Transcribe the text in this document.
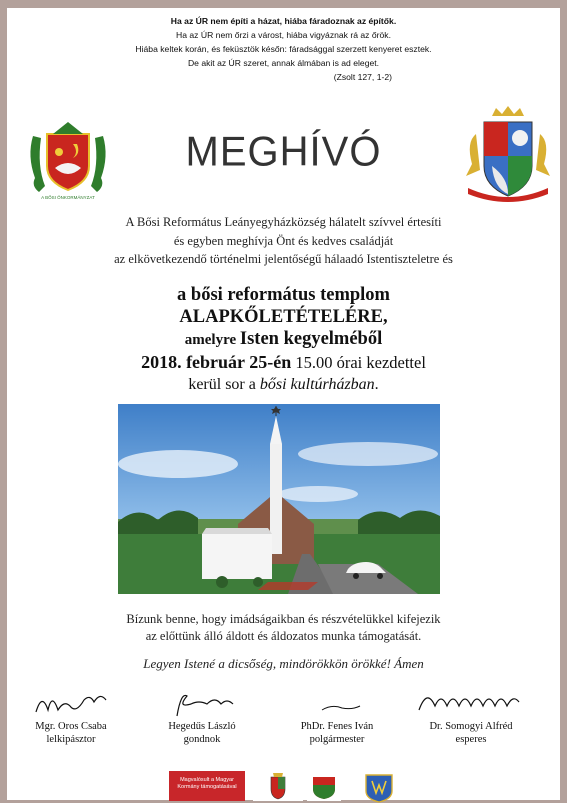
Ha az ÚR nem építi a házat, hiába fáradoznak az építők.
Ha az ÚR nem őrzi a várost, hiába vigyáznak rá az őrök.
Hiába keltek korán, és feküsztök későn: fáradsággal szerzett kenyeret esztek.
De akit az ÚR szeret, annak álmában is ad eleget.
(Zsolt 127, 1-2)
A BŐSI ÖNKORMÁNYZAT
MEGHÍVÓ
A Bősi Református Leányegyházközség hálatelt szívvel értesíti
és egyben meghívja Önt és kedves családját
az elkövetkezendő történelmi jelentőségű hálaadó Istentiszteletre és
a bősi református templom
ALAPKŐLETÉTELÉRE,
amelyre Isten kegyelméből
2018. február 25-én 15.00 órai kezdettel
kerül sor a bősi kultúrházban.
Bízunk benne, hogy imádságaikban és részvételükkel kifejezik
az előttünk álló áldott és áldozatos munka támogatását.
Legyen Istené a dicsőség, mindörökkön örökké! Ámen
Mgr. Oros Csaba
lelkipásztor
Hegedűs László
gondnok
PhDr. Fenes Iván
polgármester
Dr. Somogyi Alfréd
esperes
Magvalósult a Magyar Kormány támogatásával
